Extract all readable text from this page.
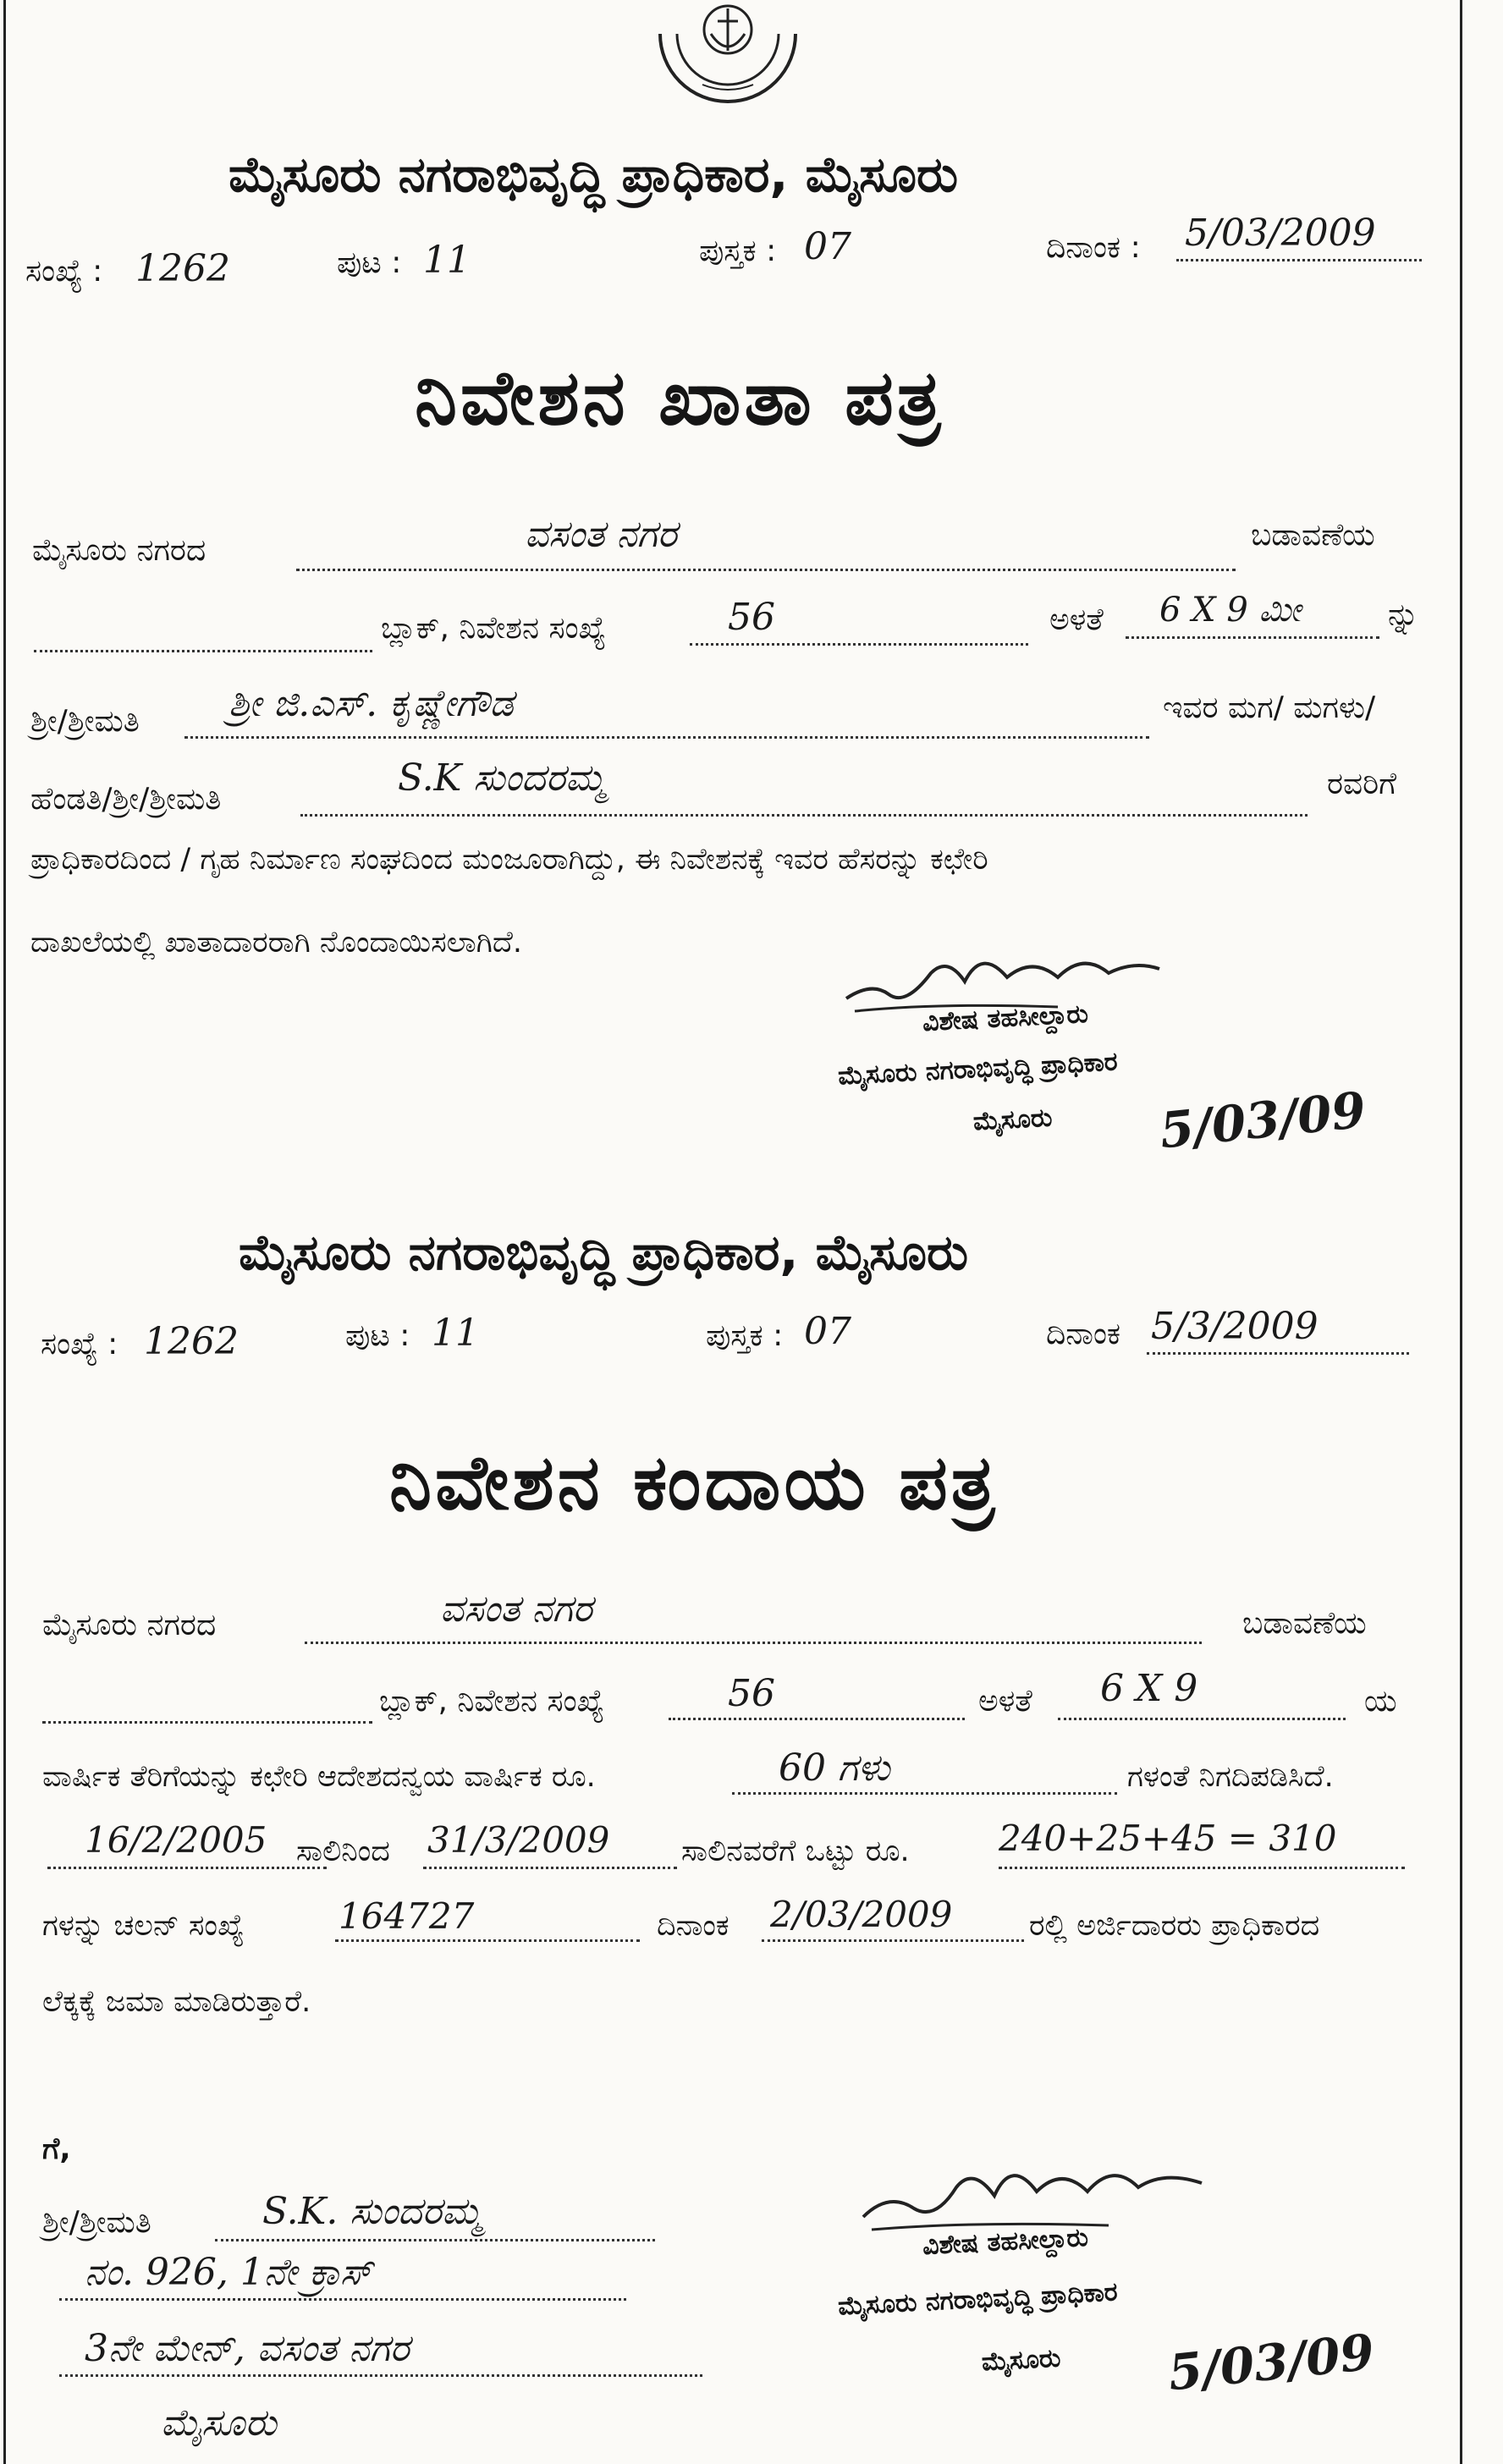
ಮೈಸೂರು ನಗರಾಭಿವೃದ್ಧಿ ಪ್ರಾಧಿಕಾರ, ಮೈಸೂರು
ಸಂಖ್ಯೆ : 1262	ಪುಟ : 11	ಪುಸ್ತಕ : 07	ದಿನಾಂಕ : 5/03/2009
ನಿವೇಶನ ಖಾತಾ ಪತ್ರ
ಮೈಸೂರು ನಗರದ	ವಸಂತ ನಗರ	ಬಡಾವಣೆಯ
ಬ್ಲಾಕ್, ನಿವೇಶನ ಸಂಖ್ಯೆ	56	ಅಳತೆ 6 X 9 ಮೀ	ನ್ನು
ಶ್ರೀ/ಶ್ರೀಮತಿ ಶ್ರೀ ಜಿ.ಎಸ್. ಕೃಷ್ಣೇಗೌಡ	ಇವರ ಮಗ/ ಮಗಳು/
ಹೆಂಡತಿ/ಶ್ರೀ/ಶ್ರೀಮತಿ	S.K ಸುಂದರಮ್ಮ	ರವರಿಗೆ
ಪ್ರಾಧಿಕಾರದಿಂದ / ಗೃಹ ನಿರ್ಮಾಣ ಸಂಘದಿಂದ ಮಂಜೂರಾಗಿದ್ದು, ಈ ನಿವೇಶನಕ್ಕೆ ಇವರ ಹೆಸರನ್ನು ಕಛೇರಿ
ದಾಖಲೆಯಲ್ಲಿ ಖಾತಾದಾರರಾಗಿ ನೊಂದಾಯಿಸಲಾಗಿದೆ.
ವಿಶೇಷ ತಹಸೀಲ್ದಾರು
ಮೈಸೂರು ನಗರಾಭಿವೃದ್ಧಿ ಪ್ರಾಧಿಕಾರ
ಮೈಸೂರು 5/03/09
ಮೈಸೂರು ನಗರಾಭಿವೃದ್ಧಿ ಪ್ರಾಧಿಕಾರ, ಮೈಸೂರು
ಸಂಖ್ಯೆ : 1262	ಪುಟ : 11	ಪುಸ್ತಕ : 07	ದಿನಾಂಕ 5/3/2009
ನಿವೇಶನ ಕಂದಾಯ ಪತ್ರ
ಮೈಸೂರು ನಗರದ	ವಸಂತ ನಗರ	ಬಡಾವಣೆಯ
ಬ್ಲಾಕ್, ನಿವೇಶನ ಸಂಖ್ಯೆ	56	ಅಳತೆ 6 X 9	ಯ
ವಾರ್ಷಿಕ ತೆರಿಗೆಯನ್ನು ಕಛೇರಿ ಆದೇಶದನ್ವಯ ವಾರ್ಷಿಕ ರೂ.	60 ಗಳು	ಗಳಂತೆ ನಿಗದಿಪಡಿಸಿದೆ.
16/2/2005 ಸಾಲಿನಿಂದ 31/3/2009 ಸಾಲಿನವರೆಗೆ ಒಟ್ಟು ರೂ.	240+25+45 = 310
ಗಳನ್ನು ಚಲನ್ ಸಂಖ್ಯೆ	164727	ದಿನಾಂಕ 2/03/2009	ರಲ್ಲಿ ಅರ್ಜಿದಾರರು ಪ್ರಾಧಿಕಾರದ
ಲೆಕ್ಕಕ್ಕೆ ಜಮಾ ಮಾಡಿರುತ್ತಾರೆ.
ಗೆ,
ಶ್ರೀ/ಶ್ರೀಮತಿ	S.K. ಸುಂದರಮ್ಮ
ನಂ. 926, 1ನೇ ಕ್ರಾಸ್
3ನೇ ಮೇನ್, ವಸಂತ ನಗರ
ಮೈಸೂರು
ವಿಶೇಷ ತಹಸೀಲ್ದಾರು
ಮೈಸೂರು ನಗರಾಭಿವೃದ್ಧಿ ಪ್ರಾಧಿಕಾರ
ಮೈಸೂರು 5/03/09
